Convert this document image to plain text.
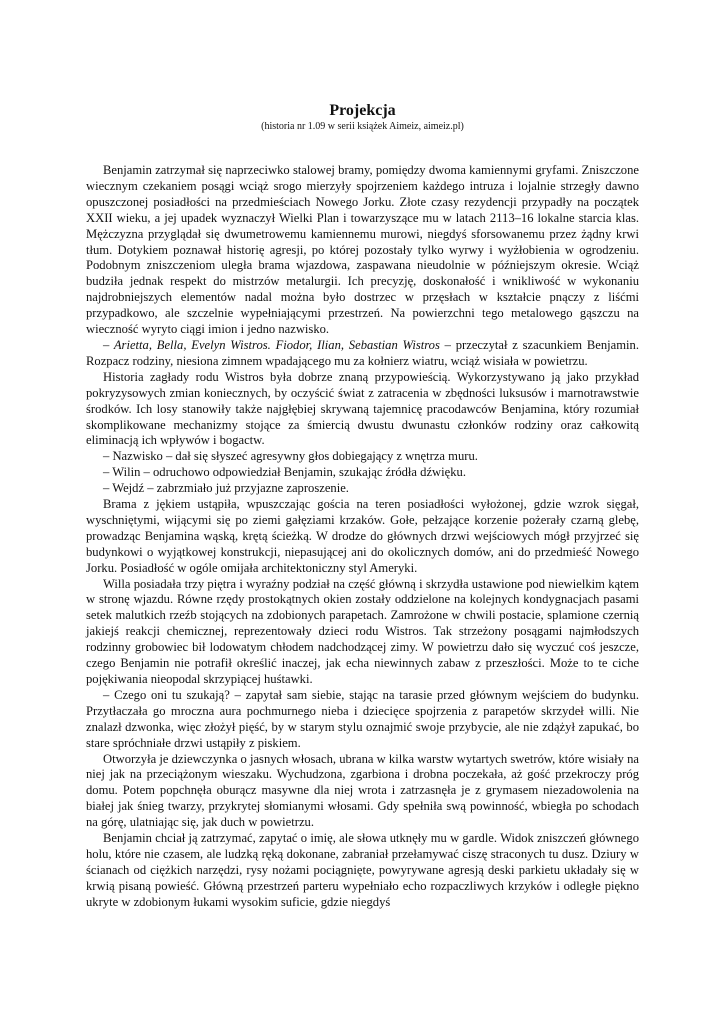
Projekcja
(historia nr 1.09 w serii książek Aimeiz, aimeiz.pl)

Benjamin zatrzymał się naprzeciwko stalowej bramy, pomiędzy dwoma kamiennymi gryfami. Zniszczone wiecznym czekaniem posągi wciąż srogo mierzyły spojrzeniem każdego intruza i lojalnie strzegły dawno opuszczonej posiadłości na przedmieściach Nowego Jorku. Złote czasy rezydencji przypadły na początek XXII wieku, a jej upadek wyznaczył Wielki Plan i towarzyszące mu w latach 2113–16 lokalne starcia klas. Mężczyzna przyglądał się dwumetrowemu kamiennemu murowi, niegdyś sforsowanemu przez żądny krwi tłum. Dotykiem poznawał historię agresji, po której pozostały tylko wyrwy i wyżłobienia w ogrodzeniu. Podobnym zniszczeniom uległa brama wjazdowa, zaspawana nieudolnie w późniejszym okresie. Wciąż budziła jednak respekt do mistrzów metalurgii. Ich precyzję, doskonałość i wnikliwość w wykonaniu najdrobniejszych elementów nadal można było dostrzec w przęsłach w kształcie pnączy z liśćmi przypadkowo, ale szczelnie wypełniającymi przestrzeń. Na powierzchni tego metalowego gąszczu na wieczność wyryto ciągi imion i jedno nazwisko.

– Arietta, Bella, Evelyn Wistros. Fiodor, Ilian, Sebastian Wistros – przeczytał z szacunkiem Benjamin. Rozpacz rodziny, niesiona zimnem wpadającego mu za kołnierz wiatru, wciąż wisiała w powietrzu.

Historia zagłady rodu Wistros była dobrze znaną przypowieścią. Wykorzystywano ją jako przykład pokryzysowych zmian koniecznych, by oczyścić świat z zatracenia w zbędności luksusów i marnotrawstwie środków. Ich losy stanowiły także najgłębiej skrywaną tajemnicę pracodawców Benjamina, który rozumiał skomplikowane mechanizmy stojące za śmiercią dwustu dwunastu członków rodziny oraz całkowitą eliminacją ich wpływów i bogactw.

– Nazwisko – dał się słyszeć agresywny głos dobiegający z wnętrza muru.

– Wilin – odruchowo odpowiedział Benjamin, szukając źródła dźwięku.

– Wejdź – zabrzmiało już przyjazne zaproszenie.

Brama z jękiem ustąpiła, wpuszczając gościa na teren posiadłości wyłożonej, gdzie wzrok sięgał, wyschniętymi, wijącymi się po ziemi gałęziami krzaków. Gołe, pełzające korzenie pożerały czarną glebę, prowadząc Benjamina wąską, krętą ścieżką. W drodze do głównych drzwi wejściowych mógł przyjrzeć się budynkowi o wyjątkowej konstrukcji, niepasującej ani do okolicznych domów, ani do przedmieść Nowego Jorku. Posiadłość w ogóle omijała architektoniczny styl Ameryki.

Willa posiadała trzy piętra i wyraźny podział na część główną i skrzydła ustawione pod niewielkim kątem w stronę wjazdu. Równe rzędy prostokątnych okien zostały oddzielone na kolejnych kondygnacjach pasami setek malutkich rzeźb stojących na zdobionych parapetach. Zamrożone w chwili postacie, splamione czernią jakiejś reakcji chemicznej, reprezentowały dzieci rodu Wistros. Tak strzeżony posągami najmłodszych rodzinny grobowiec bił lodowatym chłodem nadchodzącej zimy. W powietrzu dało się wyczuć coś jeszcze, czego Benjamin nie potrafił określić inaczej, jak echa niewinnych zabaw z przeszłości. Może to te ciche pojękiwania nieopodal skrzypiącej huśtawki.

– Czego oni tu szukają? – zapytał sam siebie, stając na tarasie przed głównym wejściem do budynku. Przytłaczała go mroczna aura pochmurnego nieba i dziecięce spojrzenia z parapetów skrzydeł willi. Nie znalazł dzwonka, więc złożył pięść, by w starym stylu oznajmić swoje przybycie, ale nie zdążył zapukać, bo stare spróchniałe drzwi ustąpiły z piskiem.

Otworzyła je dziewczynka o jasnych włosach, ubrana w kilka warstw wytartych swetrów, które wisiały na niej jak na przeciążonym wieszaku. Wychudzona, zgarbiona i drobna poczekała, aż gość przekroczy próg domu. Potem popchnęła oburącz masywne dla niej wrota i zatrzasnęła je z grymasem niezadowolenia na białej jak śnieg twarzy, przykrytej słomianymi włosami. Gdy spełniła swą powinność, wbiegła po schodach na górę, ulatniając się, jak duch w powietrzu.

Benjamin chciał ją zatrzymać, zapytać o imię, ale słowa utknęły mu w gardle. Widok zniszczeń głównego holu, które nie czasem, ale ludzką ręką dokonane, zabraniał przełamywać ciszę straconych tu dusz. Dziury w ścianach od ciężkich narzędzi, rysy nożami pociągnięte, powyrywane agresją deski parkietu układały się w krwią pisaną powieść. Główną przestrzeń parteru wypełniało echo rozpaczliwych krzyków i odległe piękno ukryte w zdobionym łukami wysokim suficie, gdzie niegdyś
